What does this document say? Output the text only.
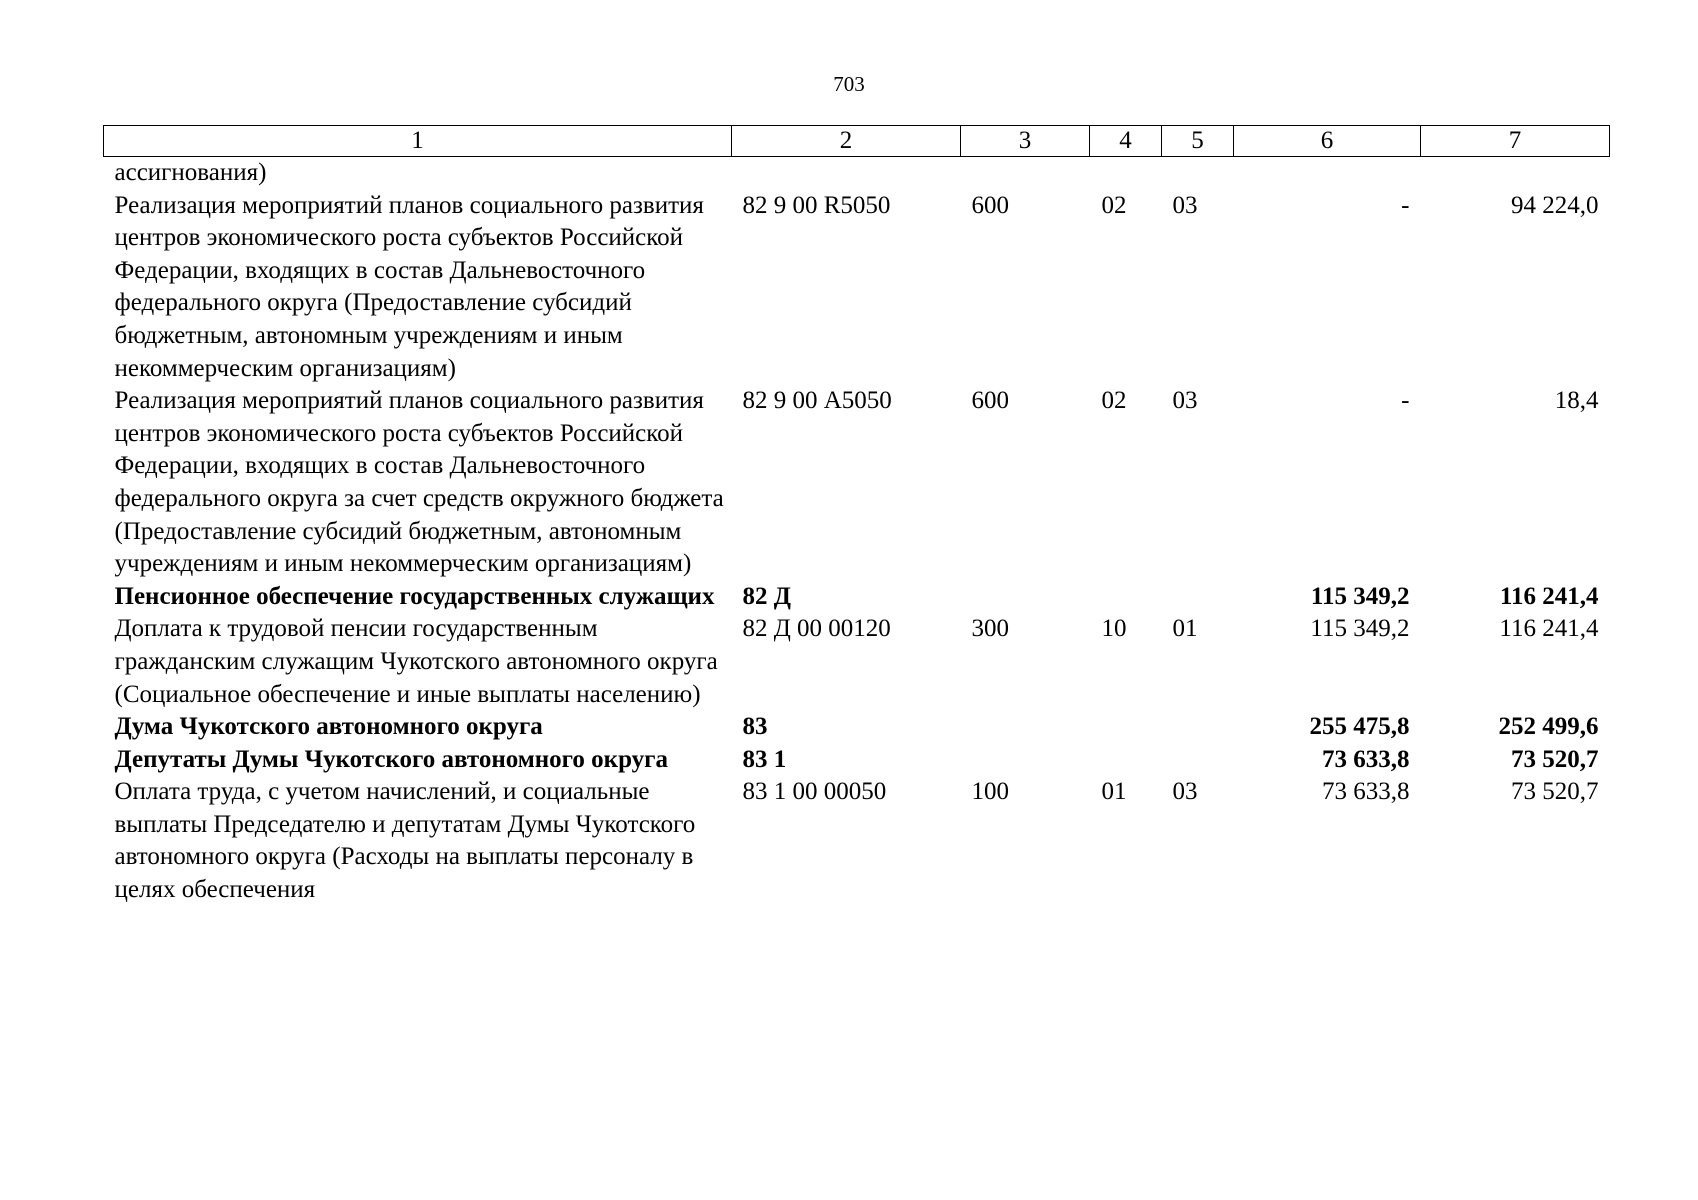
703
1	2	3	4	5	6	7
ассигнования)						
Реализация мероприятий планов социального развития центров экономического роста субъектов Российской Федерации, входящих в состав Дальневосточного федерального округа (Предоставление субсидий бюджетным, автономным учреждениям и иным некоммерческим организациям)	82 9 00 R5050	600	02	03	-	94 224,0
Реализация мероприятий планов социального развития центров экономического роста субъектов Российской Федерации, входящих в состав Дальневосточного федерального округа за счет средств окружного бюджета (Предоставление субсидий бюджетным, автономным учреждениям и иным некоммерческим организациям)	82 9 00 А5050	600	02	03	-	18,4
Пенсионное обеспечение государственных служащих	82 Д				115 349,2	116 241,4
Доплата к трудовой пенсии государственным гражданским служащим Чукотского автономного округа (Социальное обеспечение и иные выплаты населению)	82 Д 00 00120	300	10	01	115 349,2	116 241,4
Дума Чукотского автономного округа	83				255 475,8	252 499,6
Депутаты Думы Чукотского автономного округа	83 1				73 633,8	73 520,7
Оплата труда, с учетом начислений, и социальные выплаты Председателю и депутатам Думы Чукотского автономного округа (Расходы на выплаты персоналу в целях обеспечения	83 1 00 00050	100	01	03	73 633,8	73 520,7
